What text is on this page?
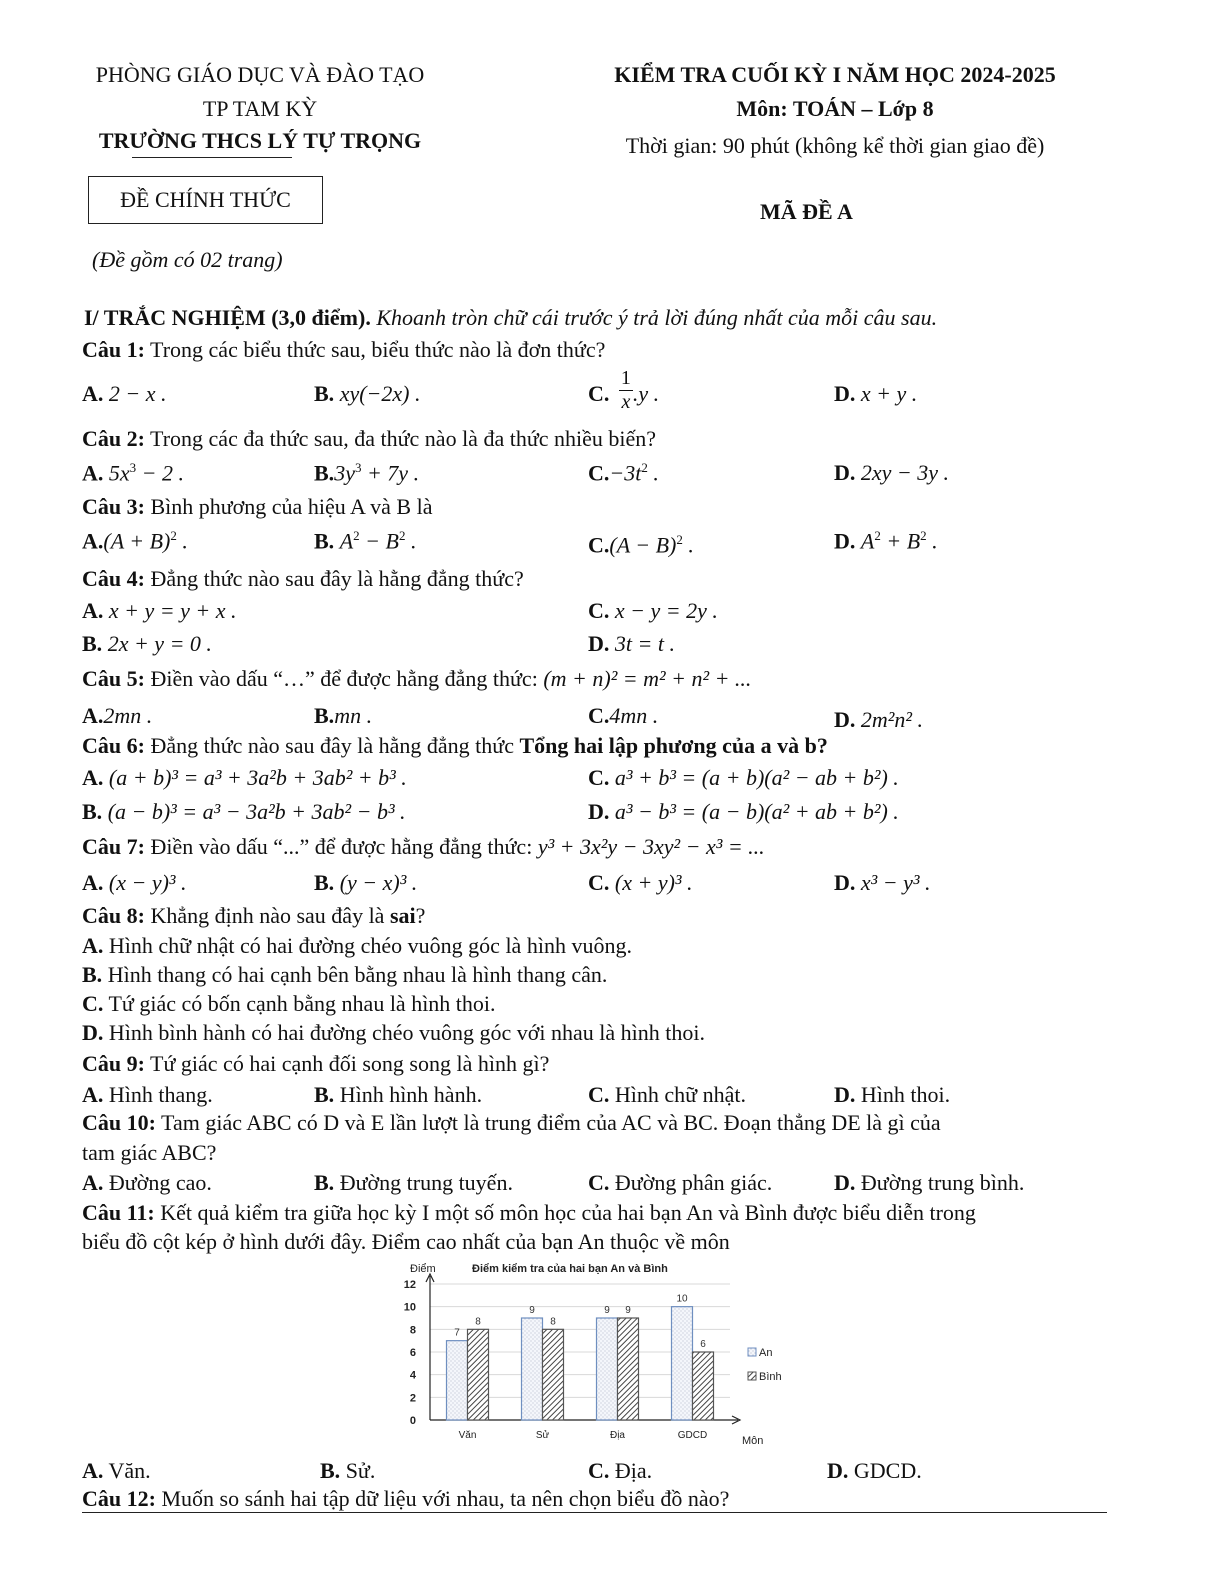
PHÒNG GIÁO DỤC VÀ ĐÀO TẠO
TP TAM KỲ
TRƯỜNG THCS LÝ TỰ TRỌNG
KIỂM TRA CUỐI KỲ I NĂM HỌC 2024-2025
Môn: TOÁN – Lớp 8
Thời gian: 90 phút (không kể thời gian giao đề)
ĐỀ CHÍNH THỨC	MÃ ĐỀ A
(Đề gồm có 02 trang)
I/ TRẮC NGHIỆM (3,0 điểm). Khoanh tròn chữ cái trước ý trả lời đúng nhất của mỗi câu sau.
Câu 1: Trong các biểu thức sau, biểu thức nào là đơn thức?
A. 2 − x .	B. xy(−2x) .	C. $\frac{1}{x} .y$ .	D. x + y .
Câu 2: Trong các đa thức sau, đa thức nào là đa thức nhiều biến?
A. $5x^3 - 2$ .	$B.3y^3 + 7y$ .	$C.-3t^2$ .	D. 2xy − 3y .
Câu 3: Bình phương của hiệu A và B là
$A.(A + B)^2$ .	B. $A^2 - B^2$ .	$C.(A - B)^2$ .	D. $A^2 + B^2$ .
Câu 4: Đẳng thức nào sau đây là hằng đẳng thức?
A. x + y = y + x .	C. x − y = 2y .
B. 2x + y = 0 .	D. 3t = t .
Câu 5: Điền vào dấu “…” để được hằng đẳng thức: (m + n)² = m² + n² + ...
A.2mn .	B.mn .	C.4mn .	D. 2m²n² .
Câu 6: Đẳng thức nào sau đây là hằng đẳng thức Tổng hai lập phương của a và b?
A. (a + b)³ = a³ + 3a²b + 3ab² + b³ .	C. a³ + b³ = (a + b)(a² − ab + b²) .
B. (a − b)³ = a³ − 3a²b + 3ab² − b³ .	D. a³ − b³ = (a − b)(a² + ab + b²) .
Câu 7: Điền vào dấu “...” để được hằng đẳng thức: y³ + 3x²y − 3xy² − x³ = ...
A. (x − y)³ .	B. (y − x)³ .	C. (x + y)³ .	D. x³ − y³ .
Câu 8: Khẳng định nào sau đây là sai?
A. Hình chữ nhật có hai đường chéo vuông góc là hình vuông.
B. Hình thang có hai cạnh bên bằng nhau là hình thang cân.
C. Tứ giác có bốn cạnh bằng nhau là hình thoi.
D. Hình bình hành có hai đường chéo vuông góc với nhau là hình thoi.
Câu 9: Tứ giác có hai cạnh đối song song là hình gì?
A. Hình thang.	B. Hình hình hành.	C. Hình chữ nhật.	D. Hình thoi.
Câu 10: Tam giác ABC có D và E lần lượt là trung điểm của AC và BC. Đoạn thẳng DE là gì của
tam giác ABC?
A. Đường cao.	B. Đường trung tuyến.	C. Đường phân giác.	D. Đường trung bình.
Câu 11: Kết quả kiểm tra giữa học kỳ I một số môn học của hai bạn An và Bình được biểu diễn trong
biểu đồ cột kép ở hình dưới đây. Điểm cao nhất của bạn An thuộc về môn
Điểm kiểm tra của hai bạn An và Bình
Điểm
0
2
4
6
8
10
12
7
8
Văn
9
8
Sử
9 9
Địa
10
6
GDCD	Môn
An
Bình
A. Văn.	B. Sử.	C. Địa.	D. GDCD.
Câu 12: Muốn so sánh hai tập dữ liệu với nhau, ta nên chọn biểu đồ nào?
